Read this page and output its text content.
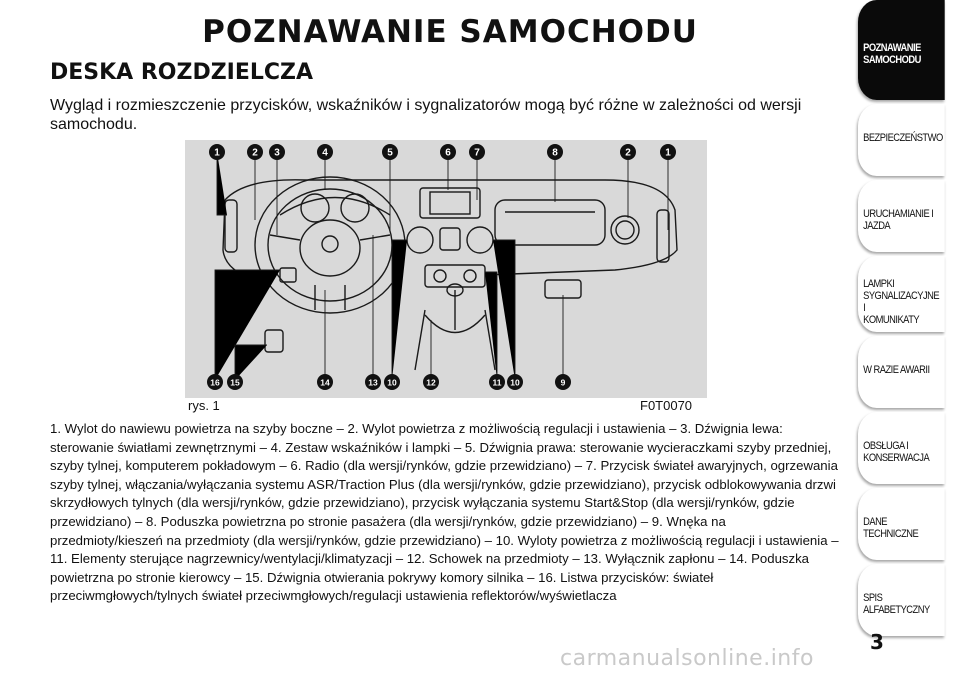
POZNAWANIE SAMOCHODU
DESKA ROZDZIELCZA
Wygląd i rozmieszczenie przycisków, wskaźników i sygnalizatorów mogą być różne w zależności od wersji samochodu.
1	2 3	4	5	6 7	8	2	1
16 15	14	13 10	12	11 10	9
rys. 1	F0T0070
1. Wylot do nawiewu powietrza na szyby boczne – 2. Wylot powietrza z możliwością regulacji i ustawienia – 3. Dźwignia lewa: sterowanie światłami zewnętrznymi – 4. Zestaw wskaźników i lampki – 5. Dźwignia prawa: sterowanie wycieraczkami szyby przedniej, szyby tylnej, komputerem pokładowym – 6. Radio (dla wersji/rynków, gdzie przewidziano) – 7. Przycisk świateł awaryjnych, ogrzewania szyby tylnej, włączania/wyłączania systemu ASR/Traction Plus (dla wersji/rynków, gdzie przewidziano), przycisk odblokowywania drzwi skrzydłowych tylnych (dla wersji/rynków, gdzie przewidziano), przycisk wyłączania systemu Start&Stop (dla wersji/rynków, gdzie przewidziano) – 8. Poduszka powietrzna po stronie pasażera (dla wersji/rynków, gdzie przewidziano) – 9. Wnęka na przedmioty/kieszeń na przedmioty (dla wersji/rynków, gdzie przewidziano) – 10. Wyloty powietrza z możliwością regulacji i ustawienia – 11. Elementy sterujące nagrzewnicy/wentylacji/klimatyzacji – 12. Schowek na przedmioty – 13. Wyłącznik zapłonu – 14. Poduszka powietrzna po stronie kierowcy – 15. Dźwignia otwierania pokrywy komory silnika – 16. Listwa przycisków: świateł przeciwmgłowych/tylnych świateł przeciwmgłowych/regulacji ustawienia reflektorów/wyświetlacza
POZNAWANIE
SAMOCHODU
BEZPIECZEŃSTWO
URUCHAMIANIE I
JAZDA
LAMPKI
SYGNALIZACYJNE I
KOMUNIKATY
W RAZIE AWARII
OBSŁUGA I
KONSERWACJA
DANE TECHNICZNE
SPIS ALFABETYCZNY
3
carmanualsonline.info
